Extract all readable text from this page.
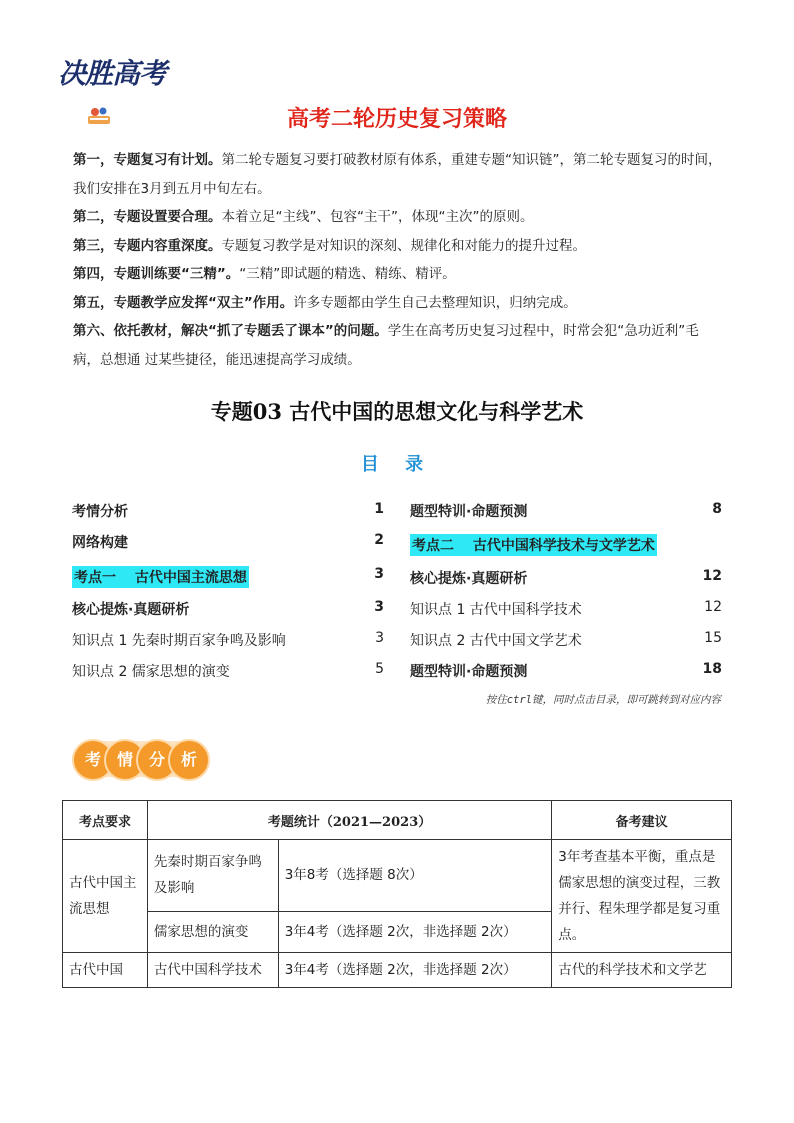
决胜高考
高考二轮历史复习策略
第一，专题复习有计划。第二轮专题复习要打破教材原有体系，重建专题“知识链”，第二轮专题复习的时间，我们安排在3月到五月中旬左右。
第二，专题设置要合理。本着立足“主线”、包容“主干”，体现“主次”的原则。
第三，专题内容重深度。专题复习教学是对知识的深刻、规律化和对能力的提升过程。
第四，专题训练要“三精”。“三精”即试题的精选、精练、精评。
第五，专题教学应发挥“双主”作用。许多专题都由学生自己去整理知识，归纳完成。
第六、依托教材，解决“抓了专题丢了课本”的问题。学生在高考历史复习过程中，时常会犯“急功近利”毛病，总想通 过某些捷径，能迅速提高学习成绩。
专题03 古代中国的思想文化与科学艺术
目 录
考情分析	1
网络构建	2
考点一　 古代中国主流思想	3
核心提炼·真题研析	3
知识点 1 先秦时期百家争鸣及影响	3
知识点 2 儒家思想的演变	5
题型特训·命题预测	8
考点二　 古代中国科学技术与文学艺术
核心提炼·真题研析	12
知识点 1 古代中国科学技术	12
知识点 2 古代中国文学艺术	15
题型特训·命题预测	18
按住ctrl键，同时点击目录，即可跳转到对应内容
考 情 分 析
考点要求	考题统计（2021—2023）		备考建议
古代中国主流思想	先秦时期百家争鸣及影响	3年8考（选择题 8次）	3年考查基本平衡，重点是儒家思想的演变过程，三教并行、程朱理学都是复习重点。
	儒家思想的演变	3年4考（选择题 2次，非选择题 2次）	
古代中国	古代中国科学技术	3年4考（选择题 2次，非选择题 2次）	古代的科学技术和文学艺
